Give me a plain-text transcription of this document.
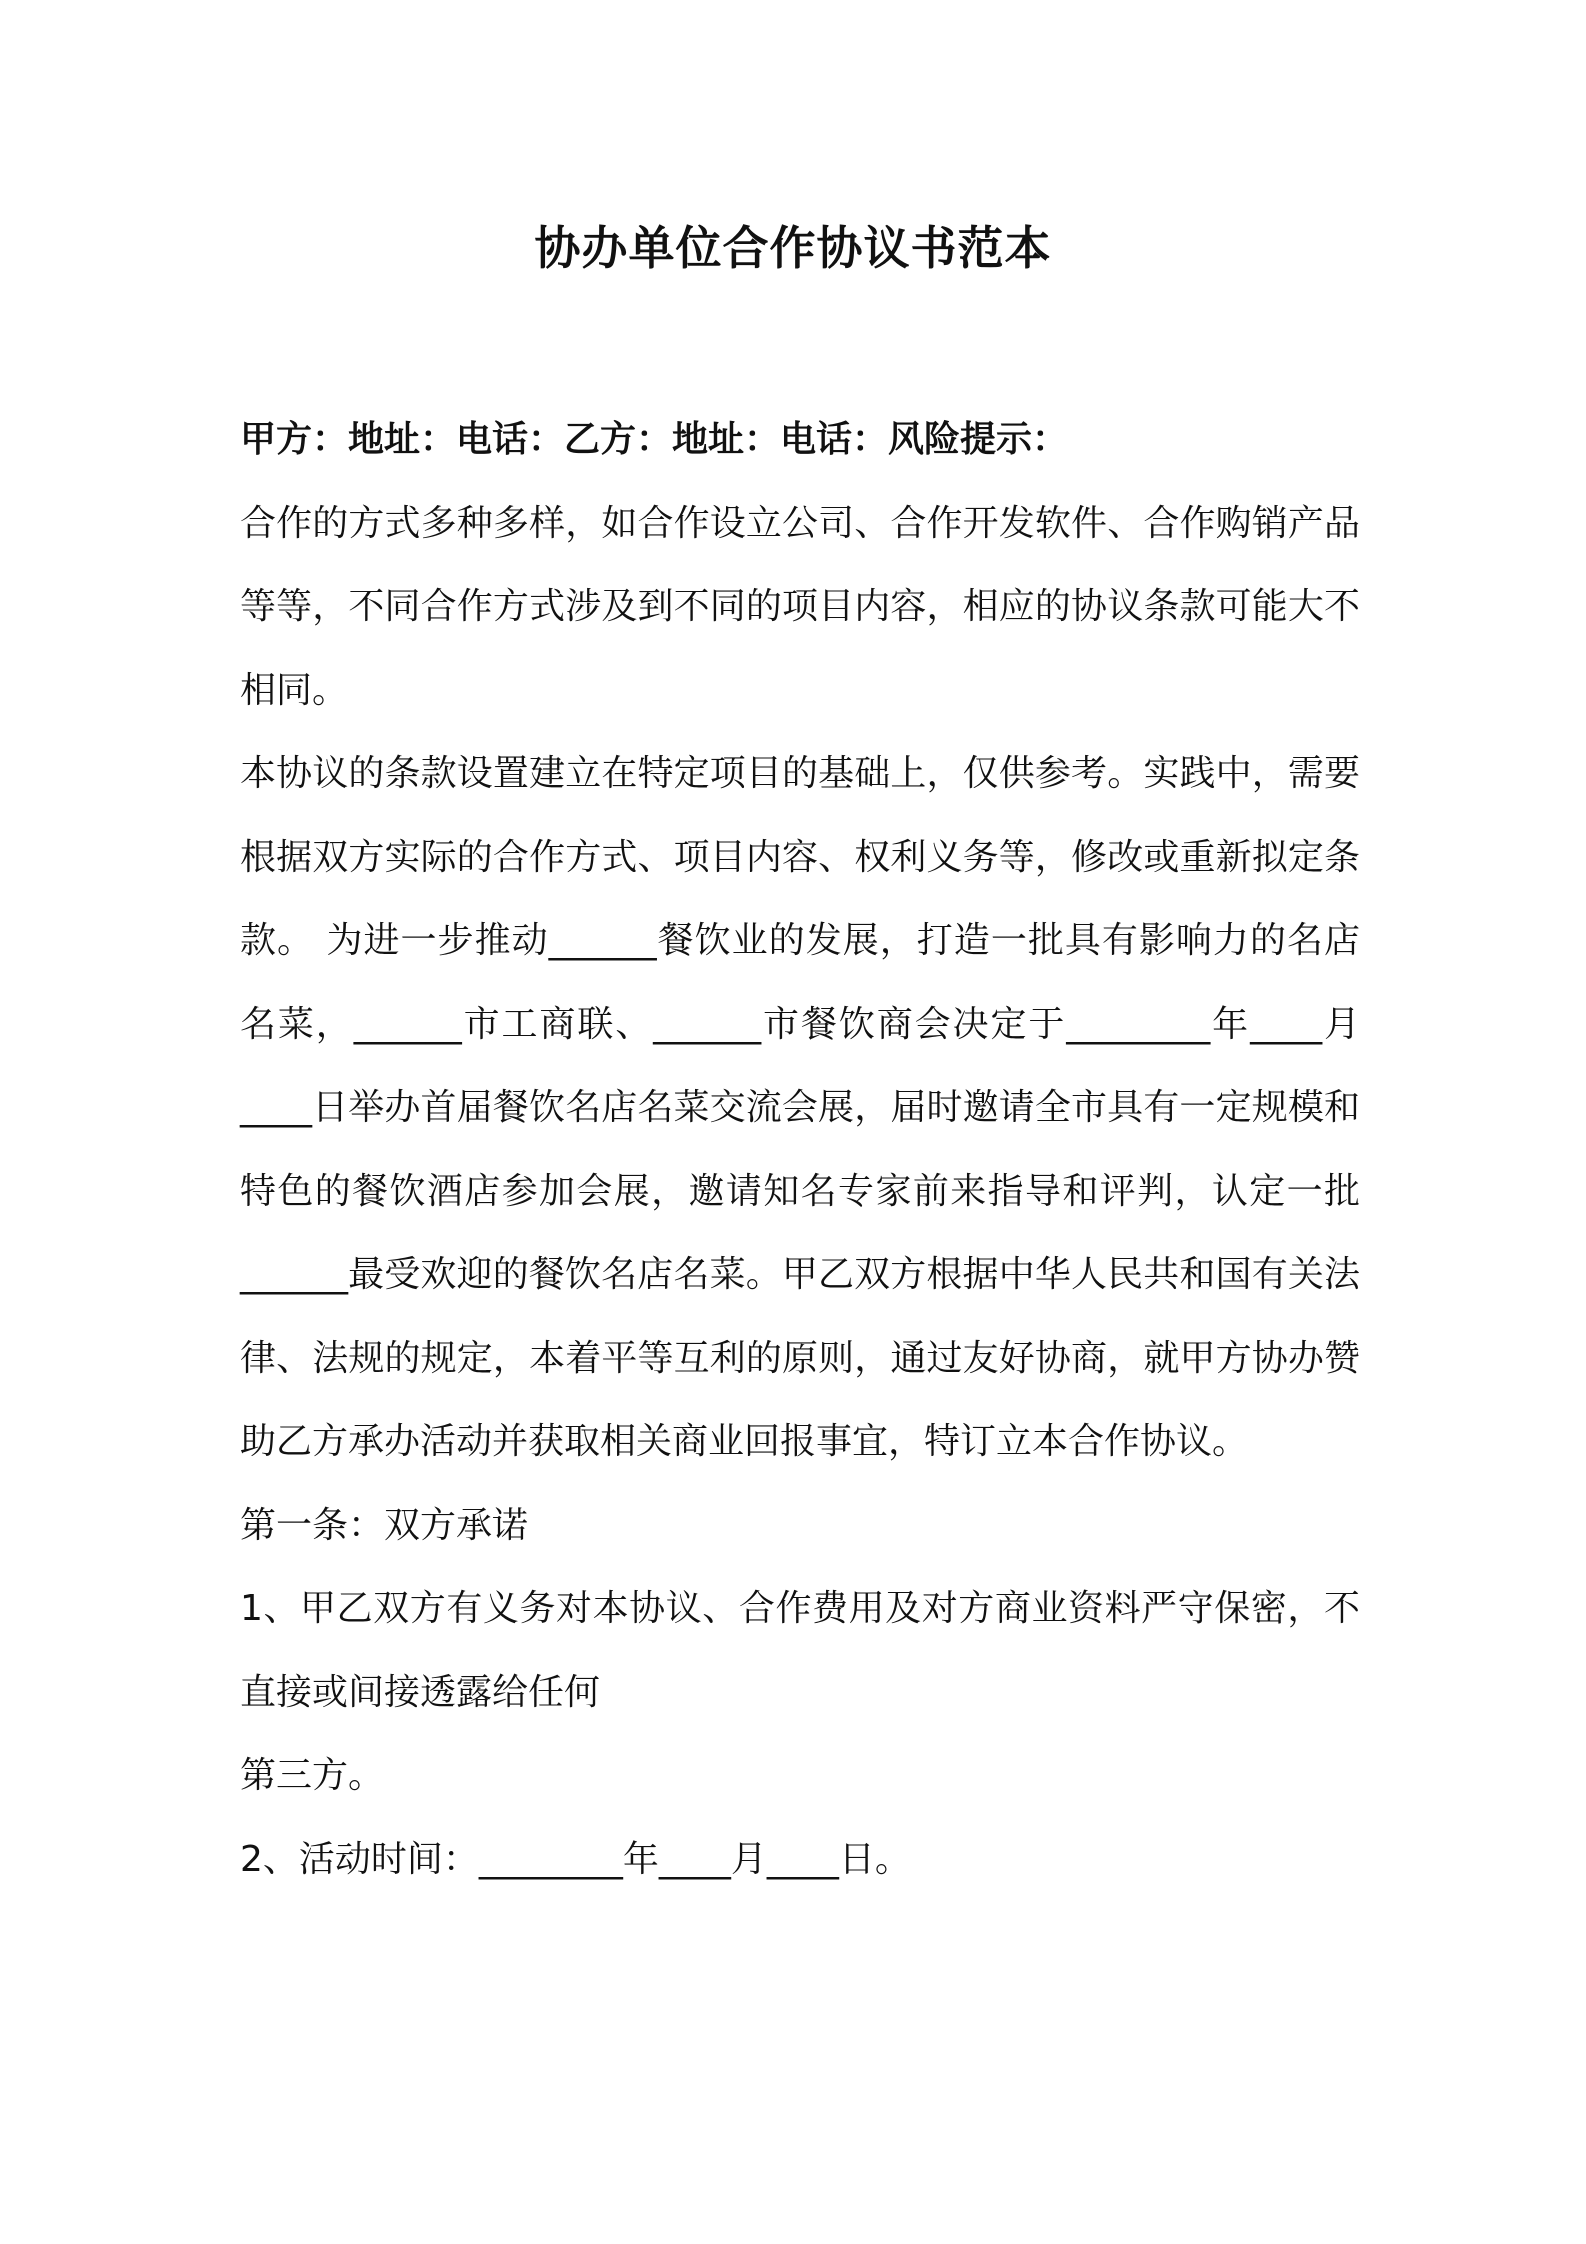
协办单位合作协议书范本

甲方：地址：电话：乙方：地址：电话：风险提示：

合作的方式多种多样，如合作设立公司、合作开发软件、合作购销产品等等，不同合作方式涉及到不同的项目内容，相应的协议条款可能大不相同。

本协议的条款设置建立在特定项目的基础上，仅供参考。实践中，需要根据双方实际的合作方式、项目内容、权利义务等，修改或重新拟定条款。 为进一步推动______餐饮业的发展，打造一批具有影响力的名店名菜，______市工商联、______市餐饮商会决定于________年____月____日举办首届餐饮名店名菜交流会展，届时邀请全市具有一定规模和特色的餐饮酒店参加会展，邀请知名专家前来指导和评判，认定一批______最受欢迎的餐饮名店名菜。甲乙双方根据中华人民共和国有关法律、法规的规定，本着平等互利的原则，通过友好协商，就甲方协办赞助乙方承办活动并获取相关商业回报事宜，特订立本合作协议。

第一条：双方承诺

1、甲乙双方有义务对本协议、合作费用及对方商业资料严守保密，不直接或间接透露给任何

第三方。

2、活动时间：________年____月____日。
